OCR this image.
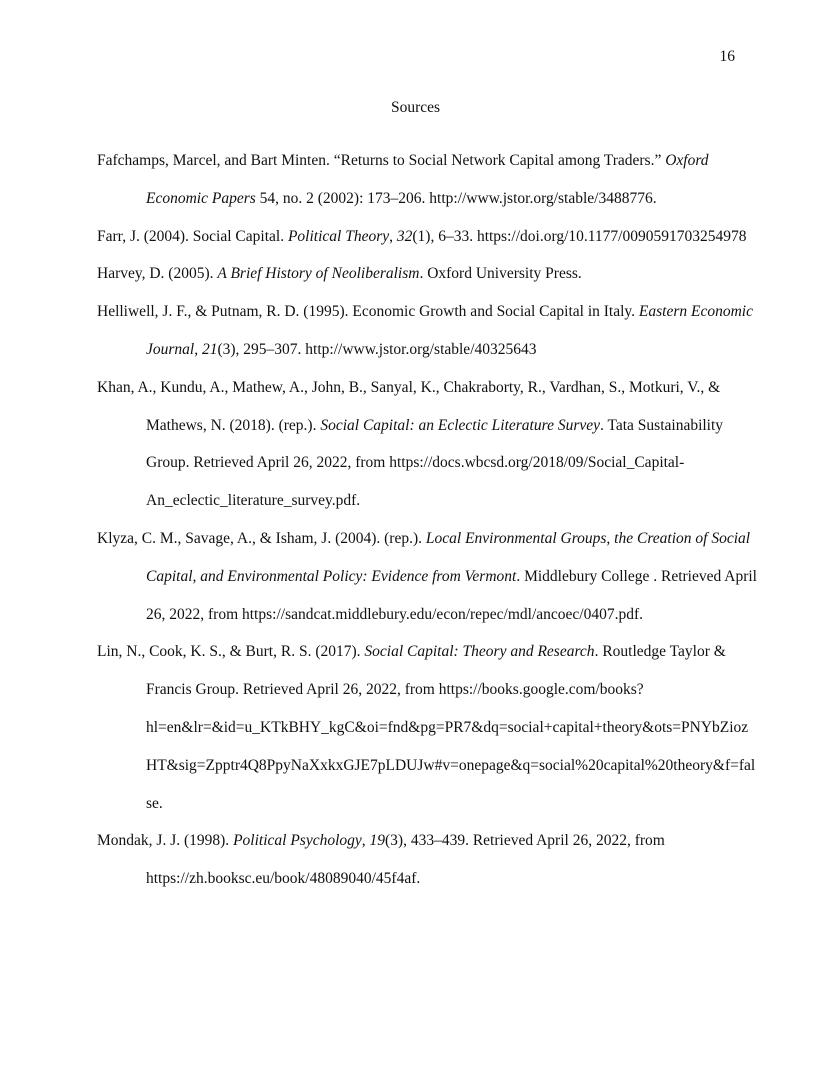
16
Sources
Fafchamps, Marcel, and Bart Minten. “Returns to Social Network Capital among Traders.” Oxford Economic Papers 54, no. 2 (2002): 173–206. http://www.jstor.org/stable/3488776.
Farr, J. (2004). Social Capital. Political Theory, 32(1), 6–33. https://doi.org/10.1177/0090591703254978
Harvey, D. (2005). A Brief History of Neoliberalism. Oxford University Press.
Helliwell, J. F., & Putnam, R. D. (1995). Economic Growth and Social Capital in Italy. Eastern Economic Journal, 21(3), 295–307. http://www.jstor.org/stable/40325643
Khan, A., Kundu, A., Mathew, A., John, B., Sanyal, K., Chakraborty, R., Vardhan, S., Motkuri, V., & Mathews, N. (2018). (rep.). Social Capital: an Eclectic Literature Survey. Tata Sustainability Group. Retrieved April 26, 2022, from https://docs.wbcsd.org/2018/09/Social_Capital-An_eclectic_literature_survey.pdf.
Klyza, C. M., Savage, A., & Isham, J. (2004). (rep.). Local Environmental Groups, the Creation of Social Capital, and Environmental Policy: Evidence from Vermont. Middlebury College . Retrieved April 26, 2022, from https://sandcat.middlebury.edu/econ/repec/mdl/ancoec/0407.pdf.
Lin, N., Cook, K. S., & Burt, R. S. (2017). Social Capital: Theory and Research. Routledge Taylor & Francis Group. Retrieved April 26, 2022, from https://books.google.com/books?hl=en&lr=&id=u_KTkBHY_kgC&oi=fnd&pg=PR7&dq=social+capital+theory&ots=PNYbZiozHT&sig=Zpptr4Q8PpyNaXxkxGJE7pLDUJw#v=onepage&q=social%20capital%20theory&f=false.
Mondak, J. J. (1998). Political Psychology, 19(3), 433–439. Retrieved April 26, 2022, from https://zh.booksc.eu/book/48089040/45f4af.
